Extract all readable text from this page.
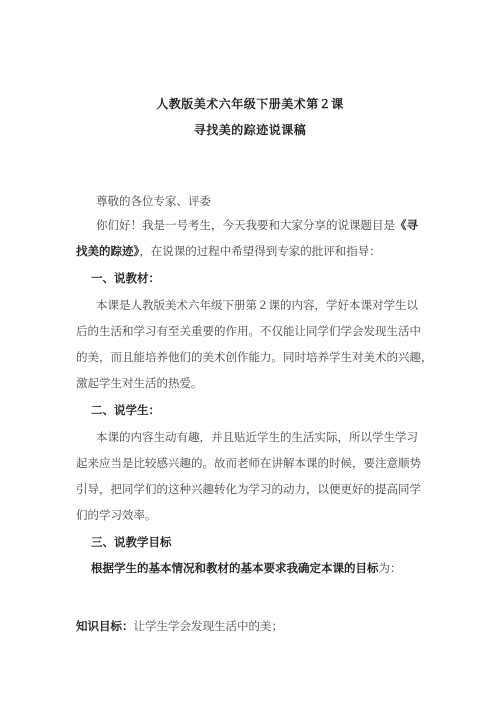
人教版美术六年级下册美术第２课
寻找美的踪迹说课稿
尊敬的各位专家、评委
你们好！我是一号考生，今天我要和大家分享的说课题目是《寻
找美的踪迹》，在说课的过程中希望得到专家的批评和指导：
一、说教材：
本课是人教版美术六年级下册第２课的内容，学好本课对学生以
后的生活和学习有至关重要的作用。不仅能让同学们学会发现生活中
的美，而且能培养他们的美术创作能力。同时培养学生对美术的兴趣，
激起学生对生活的热爱。
二、说学生：
本课的内容生动有趣，并且贴近学生的生活实际，所以学生学习
起来应当是比较感兴趣的。故而老师在讲解本课的时候，要注意顺势
引导，把同学们的这种兴趣转化为学习的动力，以便更好的提高同学
们的学习效率。
三、说教学目标
根据学生的基本情况和教材的基本要求我确定本课的目标为：
知识目标：让学生学会发现生活中的美；
